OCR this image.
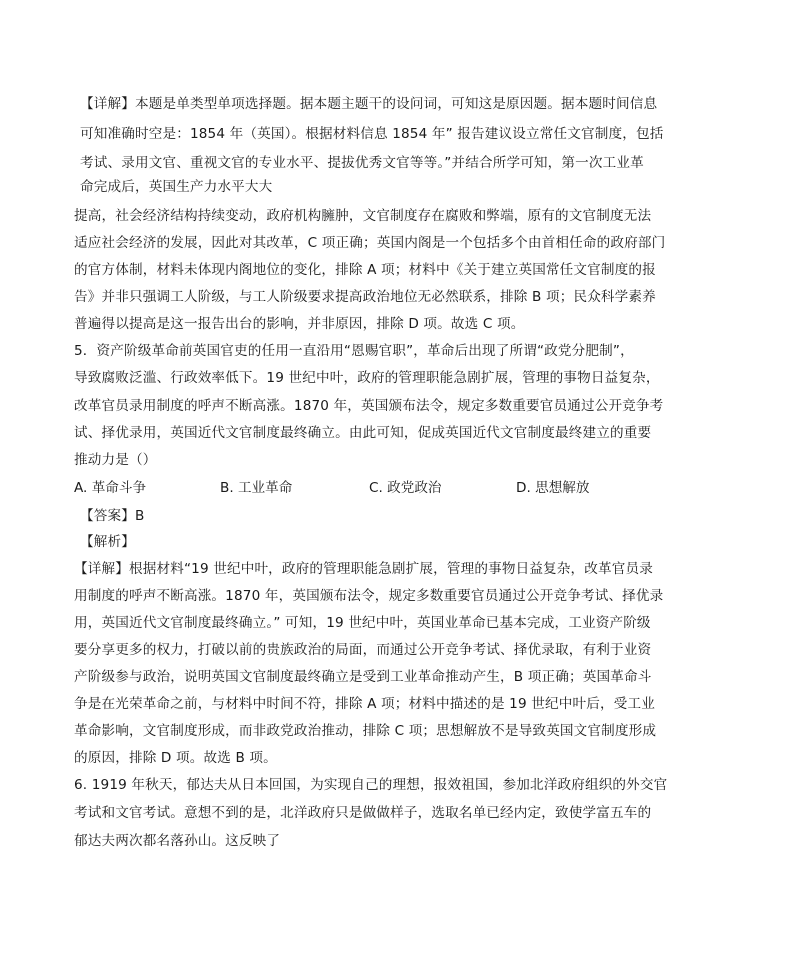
【详解】本题是单类型单项选择题。据本题主题干的设问词，可知这是原因题。据本题时间信息
可知准确时空是：1854 年（英国）。根据材料信息 1854 年” 报告建议设立常任文官制度，包括
考试、录用文官、重视文官的专业水平、提拔优秀文官等等。”并结合所学可知，第一次工业革
命完成后，英国生产力水平大大
提高，社会经济结构持续变动，政府机构臃肿，文官制度存在腐败和弊端，原有的文官制度无法
适应社会经济的发展，因此对其改革，C 项正确；英国内阁是一个包括多个由首相任命的政府部门
的官方体制，材料未体现内阁地位的变化，排除 A 项；材料中《关于建立英国常任文官制度的报
告》并非只强调工人阶级，与工人阶级要求提高政治地位无必然联系，排除 B 项；民众科学素养
普遍得以提高是这一报告出台的影响，并非原因，排除 D 项。故选 C 项。
5．资产阶级革命前英国官吏的任用一直沿用“恩赐官职”，革命后出现了所谓“政党分肥制”，
导致腐败泛滥、行政效率低下。19 世纪中叶，政府的管理职能急剧扩展，管理的事物日益复杂，
改革官员录用制度的呼声不断高涨。1870 年，英国颁布法令，规定多数重要官员通过公开竞争考
试、择优录用，英国近代文官制度最终确立。由此可知，促成英国近代文官制度最终建立的重要
推动力是（）
A. 革命斗争	B. 工业革命	C. 政党政治	D. 思想解放
【答案】B
【解析】
【详解】根据材料“19 世纪中叶，政府的管理职能急剧扩展，管理的事物日益复杂，改革官员录
用制度的呼声不断高涨。1870 年，英国颁布法令，规定多数重要官员通过公开竞争考试、择优录
用，英国近代文官制度最终确立。” 可知，19 世纪中叶，英国业革命已基本完成，工业资产阶级
要分享更多的权力，打破以前的贵族政治的局面，而通过公开竞争考试、择优录取，有利于业资
产阶级参与政治，说明英国文官制度最终确立是受到工业革命推动产生，B 项正确；英国革命斗
争是在光荣革命之前，与材料中时间不符，排除 A 项；材料中描述的是 19 世纪中叶后，受工业
革命影响，文官制度形成，而非政党政治推动，排除 C 项；思想解放不是导致英国文官制度形成
的原因，排除 D 项。故选 B 项。
6. 1919 年秋天，郁达夫从日本回国，为实现自己的理想，报效祖国，参加北洋政府组织的外交官
考试和文官考试。意想不到的是，北洋政府只是做做样子，选取名单已经内定，致使学富五车的
郁达夫两次都名落孙山。这反映了
